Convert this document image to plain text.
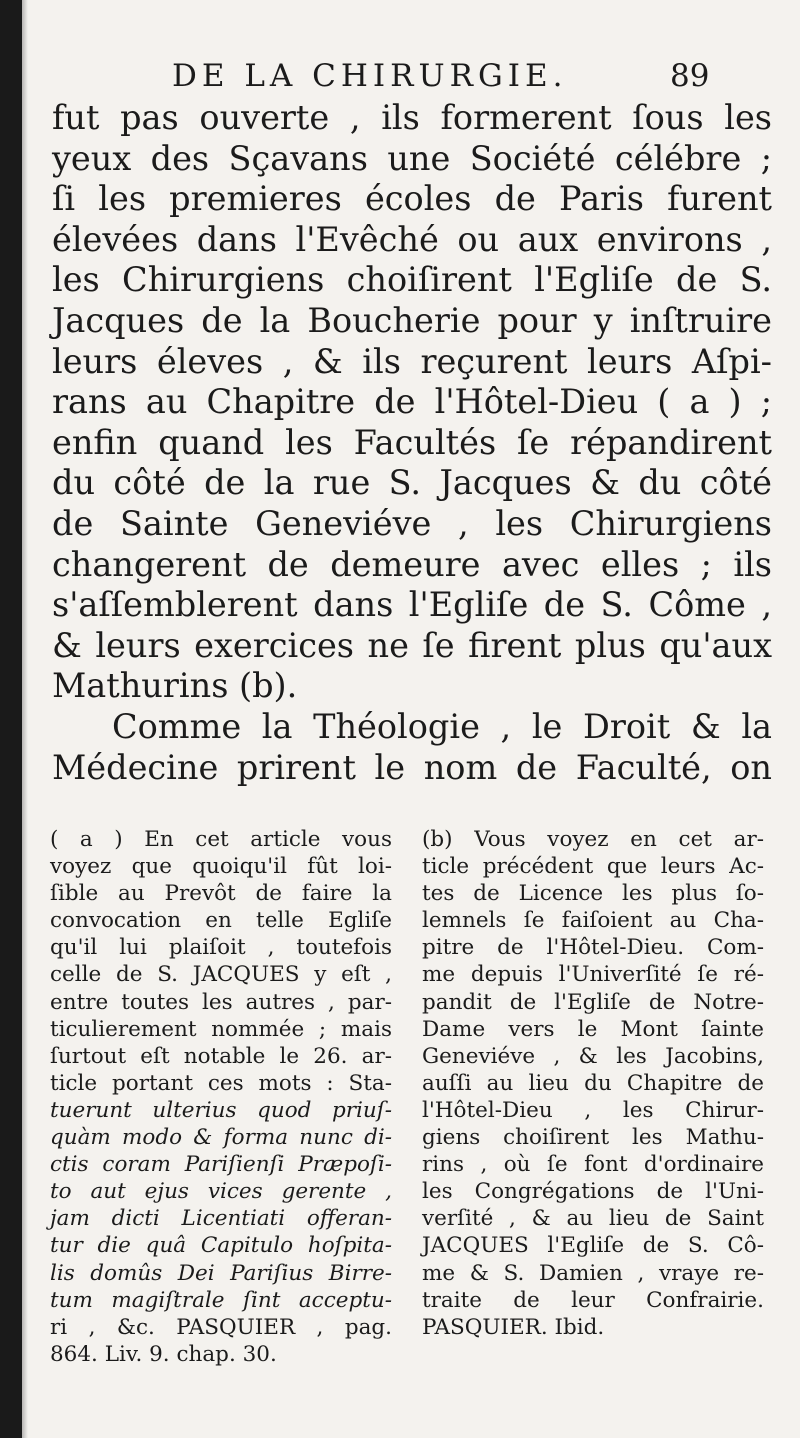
DE LA CHIRURGIE.	89
fut pas ouverte , ils formerent ſous les
yeux des Sçavans une Société célébre ;
ſi les premieres écoles de Paris furent
élevées dans l'Evêché ou aux environs ,
les Chirurgiens choiſirent l'Egliſe de S.
Jacques de la Boucherie pour y inſtruire
leurs éleves , & ils reçurent leurs Aſpi-
rans au Chapitre de l'Hôtel-Dieu ( a ) ;
enfin quand les Facultés ſe répandirent
du côté de la rue S. Jacques & du côté
de Sainte Geneviéve , les Chirurgiens
changerent de demeure avec elles ; ils
s'aſſemblerent dans l'Egliſe de S. Côme ,
& leurs exercices ne ſe firent plus qu'aux
Mathurins (b).
Comme la Théologie , le Droit & la
Médecine prirent le nom de Faculté, on
( a ) En cet article vous
voyez que quoiqu'il fût loi-
ſible au Prevôt de faire la
convocation en telle Egliſe
qu'il lui plaiſoit , toutefois
celle de S. JACQUES y eſt ,
entre toutes les autres , par-
ticulierement nommée ; mais
ſurtout eſt notable le 26. ar-
ticle portant ces mots : Sta-
tuerunt ulterius quod priuſ-
quàm modo & forma nunc di-
ctis coram Pariſienſi Præpoſi-
to aut ejus vices gerente ,
jam dicti Licentiati offeran-
tur die quâ Capitulo hoſpita-
lis domûs Dei Pariſius Birre-
tum magiſtrale ſint acceptu-
ri , &c. PASQUIER , pag.
864. Liv. 9. chap. 30.
(b) Vous voyez en cet ar-
ticle précédent que leurs Ac-
tes de Licence les plus ſo-
lemnels ſe faiſoient au Cha-
pitre de l'Hôtel-Dieu. Com-
me depuis l'Univerſité ſe ré-
pandit de l'Egliſe de Notre-
Dame vers le Mont ſainte
Geneviéve , & les Jacobins,
auſſi au lieu du Chapitre de
l'Hôtel-Dieu , les Chirur-
giens choiſirent les Mathu-
rins , où ſe font d'ordinaire
les Congrégations de l'Uni-
verſité , & au lieu de Saint
JACQUES l'Egliſe de S. Cô-
me & S. Damien , vraye re-
traite de leur Confrairie.
PASQUIER. Ibid.
